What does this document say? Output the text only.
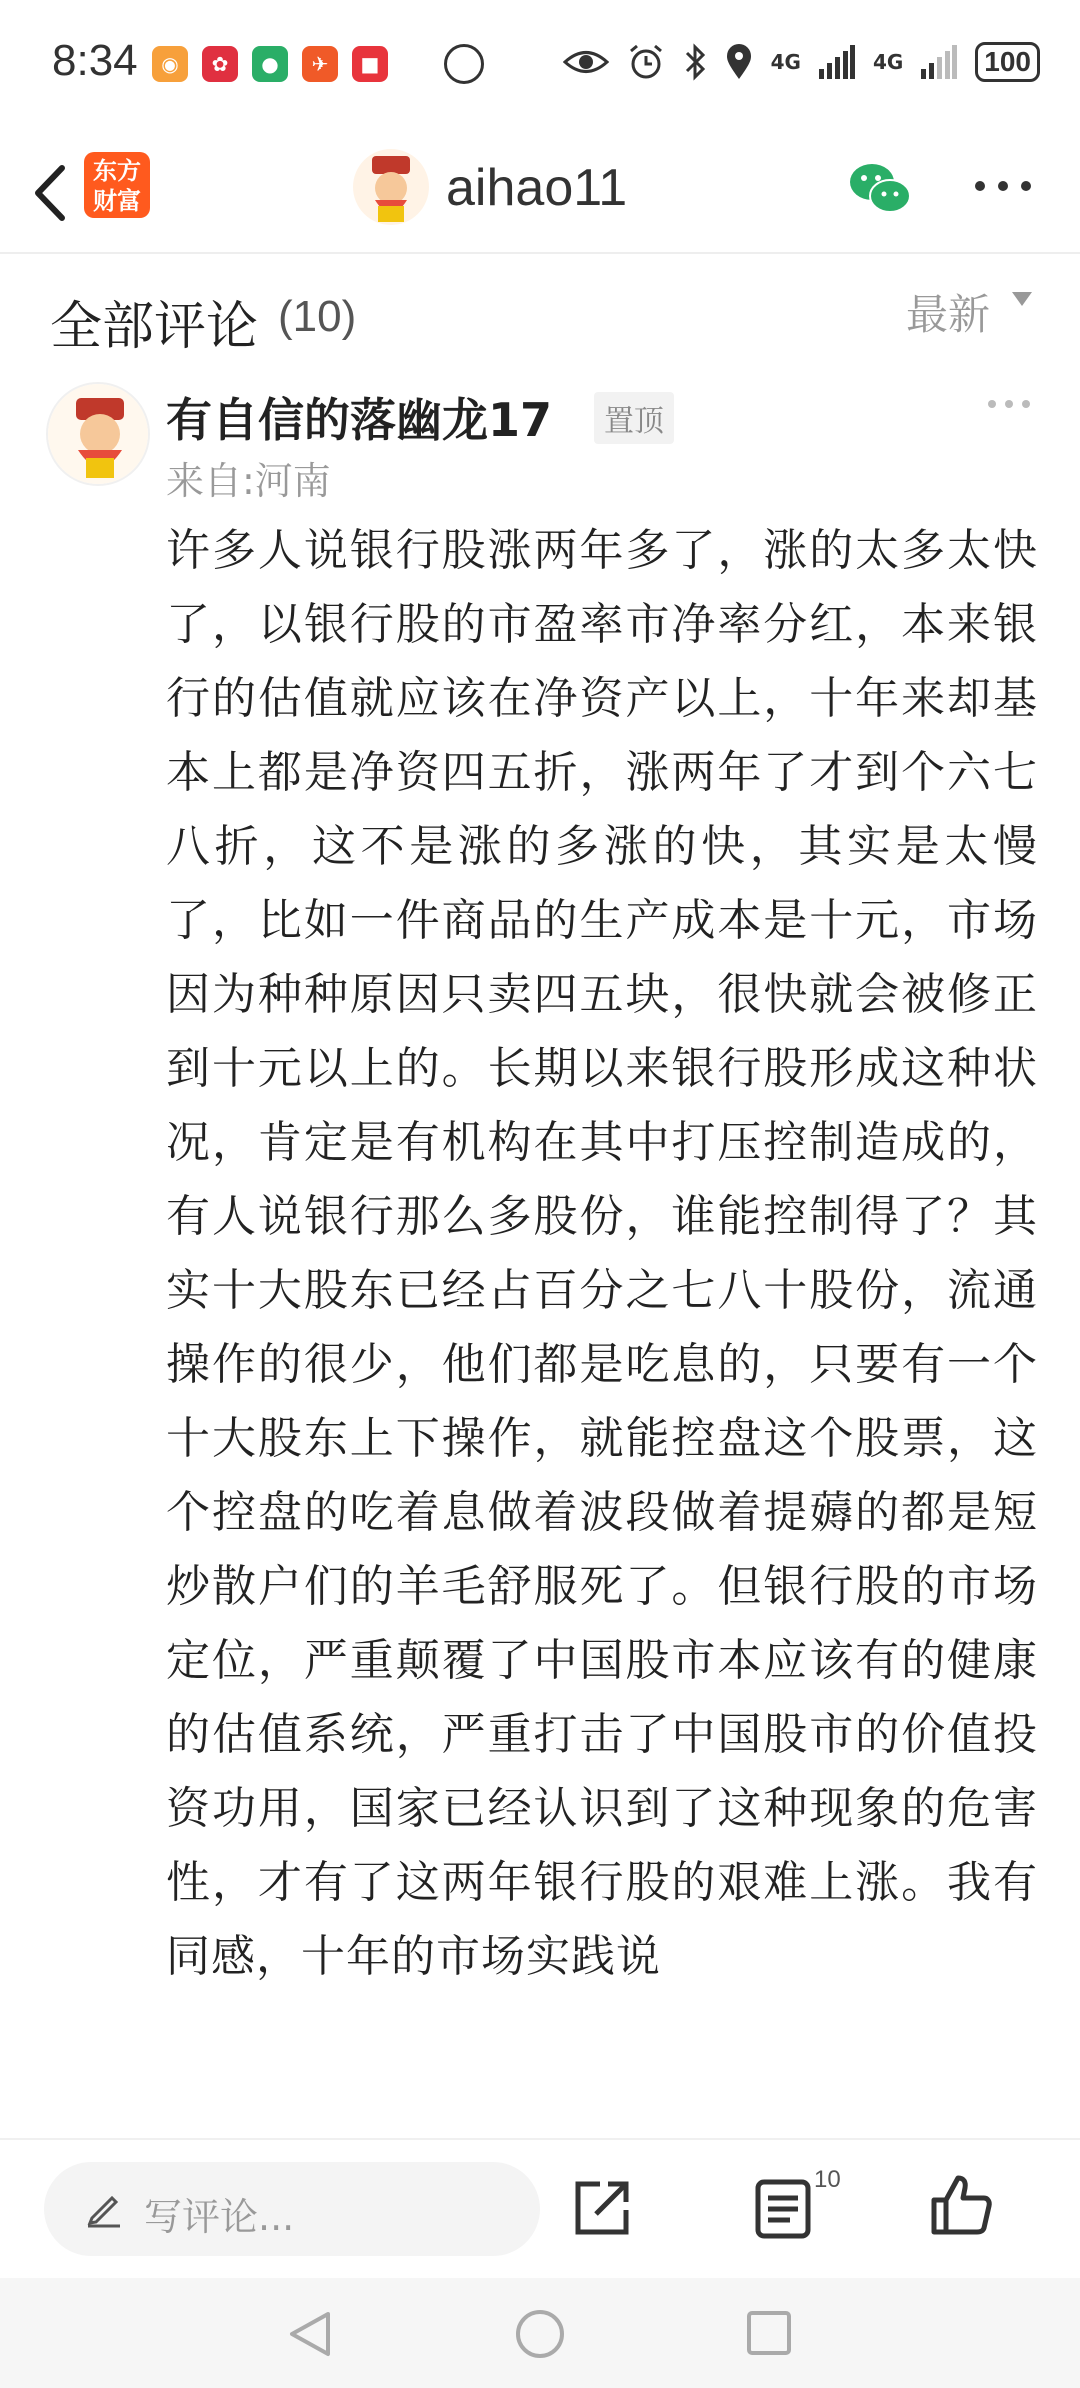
8:34	◉	✿	●	✈	■	4G	4G	100
东方财富	aihao11
全部评论 (10)	最新
有自信的落幽龙17	置顶
来自:河南
许多人说银行股涨两年多了，涨的太多太快了，以银行股的市盈率市净率分红，本来银行的估值就应该在净资产以上，十年来却基本上都是净资四五折，涨两年了才到个六七八折，这不是涨的多涨的快，其实是太慢了，比如一件商品的生产成本是十元，市场因为种种原因只卖四五块，很快就会被修正到十元以上的。长期以来银行股形成这种状况，肯定是有机构在其中打压控制造成的，有人说银行那么多股份，谁能控制得了？其实十大股东已经占百分之七八十股份，流通操作的很少，他们都是吃息的，只要有一个十大股东上下操作，就能控盘这个股票，这个控盘的吃着息做着波段做着提薅的都是短炒散户们的羊毛舒服死了。但银行股的市场定位，严重颠覆了中国股市本应该有的健康的估值系统，严重打击了中国股市的价值投资功用，国家已经认识到了这种现象的危害性，才有了这两年银行股的艰难上涨。我有同感，十年的市场实践说
写评论...
10
